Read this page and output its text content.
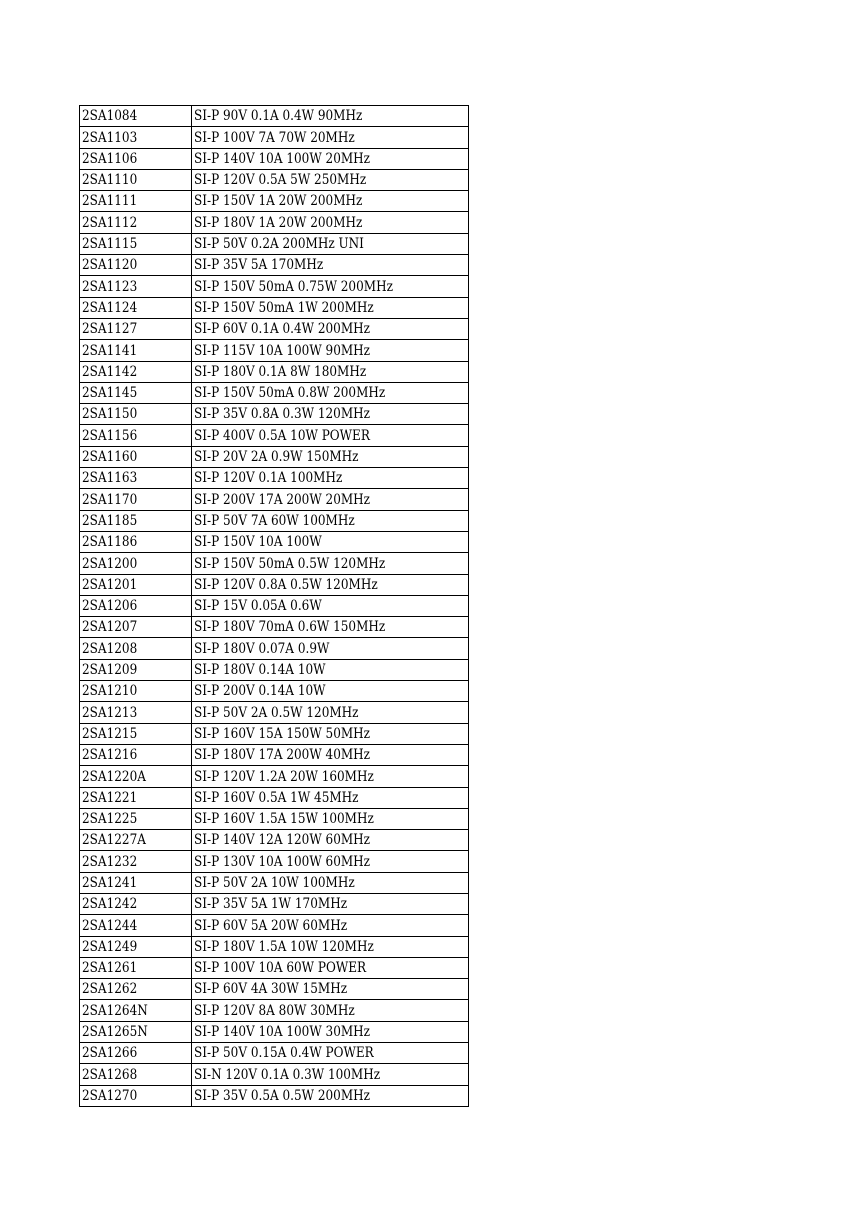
2SA1084	SI-P 90V 0.1A 0.4W 90MHz
2SA1103	SI-P 100V 7A 70W 20MHz
2SA1106	SI-P 140V 10A 100W 20MHz
2SA1110	SI-P 120V 0.5A 5W 250MHz
2SA1111	SI-P 150V 1A 20W 200MHz
2SA1112	SI-P 180V 1A 20W 200MHz
2SA1115	SI-P 50V 0.2A 200MHz UNI
2SA1120	SI-P 35V 5A 170MHz
2SA1123	SI-P 150V 50mA 0.75W 200MHz
2SA1124	SI-P 150V 50mA 1W 200MHz
2SA1127	SI-P 60V 0.1A 0.4W 200MHz
2SA1141	SI-P 115V 10A 100W 90MHz
2SA1142	SI-P 180V 0.1A 8W 180MHz
2SA1145	SI-P 150V 50mA 0.8W 200MHz
2SA1150	SI-P 35V 0.8A 0.3W 120MHz
2SA1156	SI-P 400V 0.5A 10W POWER
2SA1160	SI-P 20V 2A 0.9W 150MHz
2SA1163	SI-P 120V 0.1A 100MHz
2SA1170	SI-P 200V 17A 200W 20MHz
2SA1185	SI-P 50V 7A 60W 100MHz
2SA1186	SI-P 150V 10A 100W
2SA1200	SI-P 150V 50mA 0.5W 120MHz
2SA1201	SI-P 120V 0.8A 0.5W 120MHz
2SA1206	SI-P 15V 0.05A 0.6W
2SA1207	SI-P 180V 70mA 0.6W 150MHz
2SA1208	SI-P 180V 0.07A 0.9W
2SA1209	SI-P 180V 0.14A 10W
2SA1210	SI-P 200V 0.14A 10W
2SA1213	SI-P 50V 2A 0.5W 120MHz
2SA1215	SI-P 160V 15A 150W 50MHz
2SA1216	SI-P 180V 17A 200W 40MHz
2SA1220A	SI-P 120V 1.2A 20W 160MHz
2SA1221	SI-P 160V 0.5A 1W 45MHz
2SA1225	SI-P 160V 1.5A 15W 100MHz
2SA1227A	SI-P 140V 12A 120W 60MHz
2SA1232	SI-P 130V 10A 100W 60MHz
2SA1241	SI-P 50V 2A 10W 100MHz
2SA1242	SI-P 35V 5A 1W 170MHz
2SA1244	SI-P 60V 5A 20W 60MHz
2SA1249	SI-P 180V 1.5A 10W 120MHz
2SA1261	SI-P 100V 10A 60W POWER
2SA1262	SI-P 60V 4A 30W 15MHz
2SA1264N	SI-P 120V 8A 80W 30MHz
2SA1265N	SI-P 140V 10A 100W 30MHz
2SA1266	SI-P 50V 0.15A 0.4W POWER
2SA1268	SI-N 120V 0.1A 0.3W 100MHz
2SA1270	SI-P 35V 0.5A 0.5W 200MHz
